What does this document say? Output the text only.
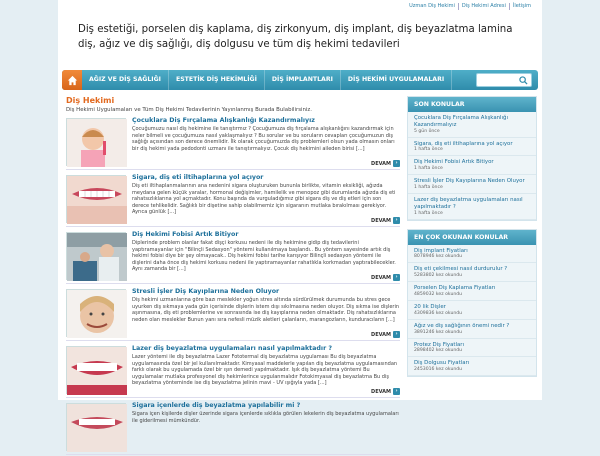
Uzman Diş Hekimi	Diş Hekimi Adresi	İletişim
Diş estetiği, porselen diş kaplama, diş zirkonyum, diş implant, diş beyazlatma lamina diş, ağız ve diş sağlığı, diş dolgusu ve tüm diş hekimi tedavileri
AĞIZ VE DİŞ SAĞLIĞI	ESTETİK DİŞ HEKİMLİĞİ	DİŞ İMPLANTLARI	DİŞ HEKİMİ UYGULAMALARI
Diş Hekimi
Diş Hekimi Uygulamaları ve Tüm Diş Hekimi Tedavilerinin Yayınlanmış Burada Bulabilirsiniz.
Çocuklara Diş Fırçalama Alışkanlığı Kazandırmalıyız
Çocuğumuzu nasıl diş hekimine ile tanıştırmız ? Çocuğumuza diş fırçalama alışkanlığını kazandırmak için neler bilmeli ve çocuğumuza nasıl yaklaşmalıyız ? Bu sorular ve bu soruların cevapları çocuğumuzun diş sağlığı açısından son derece önemlidir. İlk olarak çocuğumuzda diş problemleri olsun yada olmasın onları bir diş hekimi yada pedodonti uzmanı ile tanıştırmalıyız. Çocuk diş hekimini aileden birisi [...]
DEVAM ›
Sigara, diş eti iltihaplarına yol açıyor
Diş eti iltihaplanmalarının ana nedenini sigara oluşturuken bununla birlikte, vitamin eksikliği, ağızda meydana gelen küçük yaralar, hormonal değişimler, hamilelik ve menopoz gibi durumlarda ağızda diş eti rahatsızlıklarına yol açmaktadır. Konu başında da vurguladığımız gibi sigara diş ve diş etleri için son derece tehlikelidir. Sağlıklı bir dişetine sahip olabilmemiz için sigaranın mutlaka bırakılması gerekiyor. Ayrıca günlük [...]
DEVAM ›
Diş Hekimi Fobisi Artık Bitiyor
Diplerinde problem olanlar fakat dişçi korkusu nedeni ile diş hekimine gidip diş tedavilerini yaptıramayanlar için "Bilinçli Sedasyon" yöntemi kullanılmaya başlandı.. Bu yöntem sayesinde artık diş hekimi fobisi diye bir şey olmayacak.. Diş hekimi fobisi tarihe karışıyor Bilinçli sedasyon yöntemi ile dişlerini daha önce diş hekimi korkusu nedeni ile yaptıramayanlar rahatlıkla korkmadan yaptırabilecekler. Aynı zamanda bir [...]
DEVAM ›
Stresli İşler Diş Kayıplarına Neden Oluyor
Diş hekimi uzmanlarına göre bazı meslekler yoğun stres altında sürdürülmek durumunda bu stres gece uyurken diş sıkmaya yada gün içerisinde dişlerin istem dışı sıkılmasına neden oluyor. Diş sıkma ise dişlerin aşınmasına, diş eti problemlerine ve sonrasında ise diş kayıplarına neden olmaktadır. Diş rahatsızlıklarına neden olan meslekler Bunun yanı sıra nefesli müzik aletleri çalanların, marangozların, kunduracıların [...]
DEVAM ›
Lazer diş beyazlatma uygulamaları nasıl yapılmaktadır ?
Lazer yöntemi ile diş beyazlatma Lazer Fototermal diş beyazlatma uygulaması Bu diş beyazlatma uygulamasında özel bir jel kullanılmaktadır. Kimyasal maddelerle yapılan diş beyazlatma uygulamasından farklı olarak bu uygulamada özel bir ışın demedi yapılmaktadır. Işık diş beyazlatma yöntemi Bu uygulamalar mutlaka profesyonel diş hekimlerince uygulanmalıdır Fotokimyasal diş beyazlatma Bu diş beyazlatma yönteminde ise diş beyazlatma jelinin mavi - UV ışığıyla yada [...]
DEVAM ›
Sigara içenlerde diş beyazlatma yapılabilir mi ?
Sigara içen kişilerde dişler üzerinde sigara içenlerde sıklıkla görülen lekelerin diş beyazlatma uygulamaları ile giderilmesi mümkündür.
SON KONULAR
Çocuklara Diş Fırçalama Alışkanlığı Kazandırmalıyız
5 gün önce
Sigara, diş eti iltihaplarına yol açıyor
1 hafta önce
Diş Hekimi Fobisi Artık Bitiyor
1 hafta önce
Stresli İşler Diş Kayıplarına Neden Oluyor
1 hafta önce
Lazer diş beyazlatma uygulamaları nasıl yapılmaktadır ?
1 hafta önce
EN ÇOK OKUNAN KONULAR
Diş implant Fiyatları
8078946 kez okundu
Diş eti çekilmesi nasıl durdurulur ?
5283802 kez okundu
Porselen Diş Kaplama Fiyatları
4859032 kez okundu
20 lik Dişler
4309836 kez okundu
Ağız ve diş sağlığının önemi nedir ?
3891246 kez okundu
Protez Diş Fiyatları
2898402 kez okundu
Diş Dolgusu Fiyatları
2453016 kez okundu
